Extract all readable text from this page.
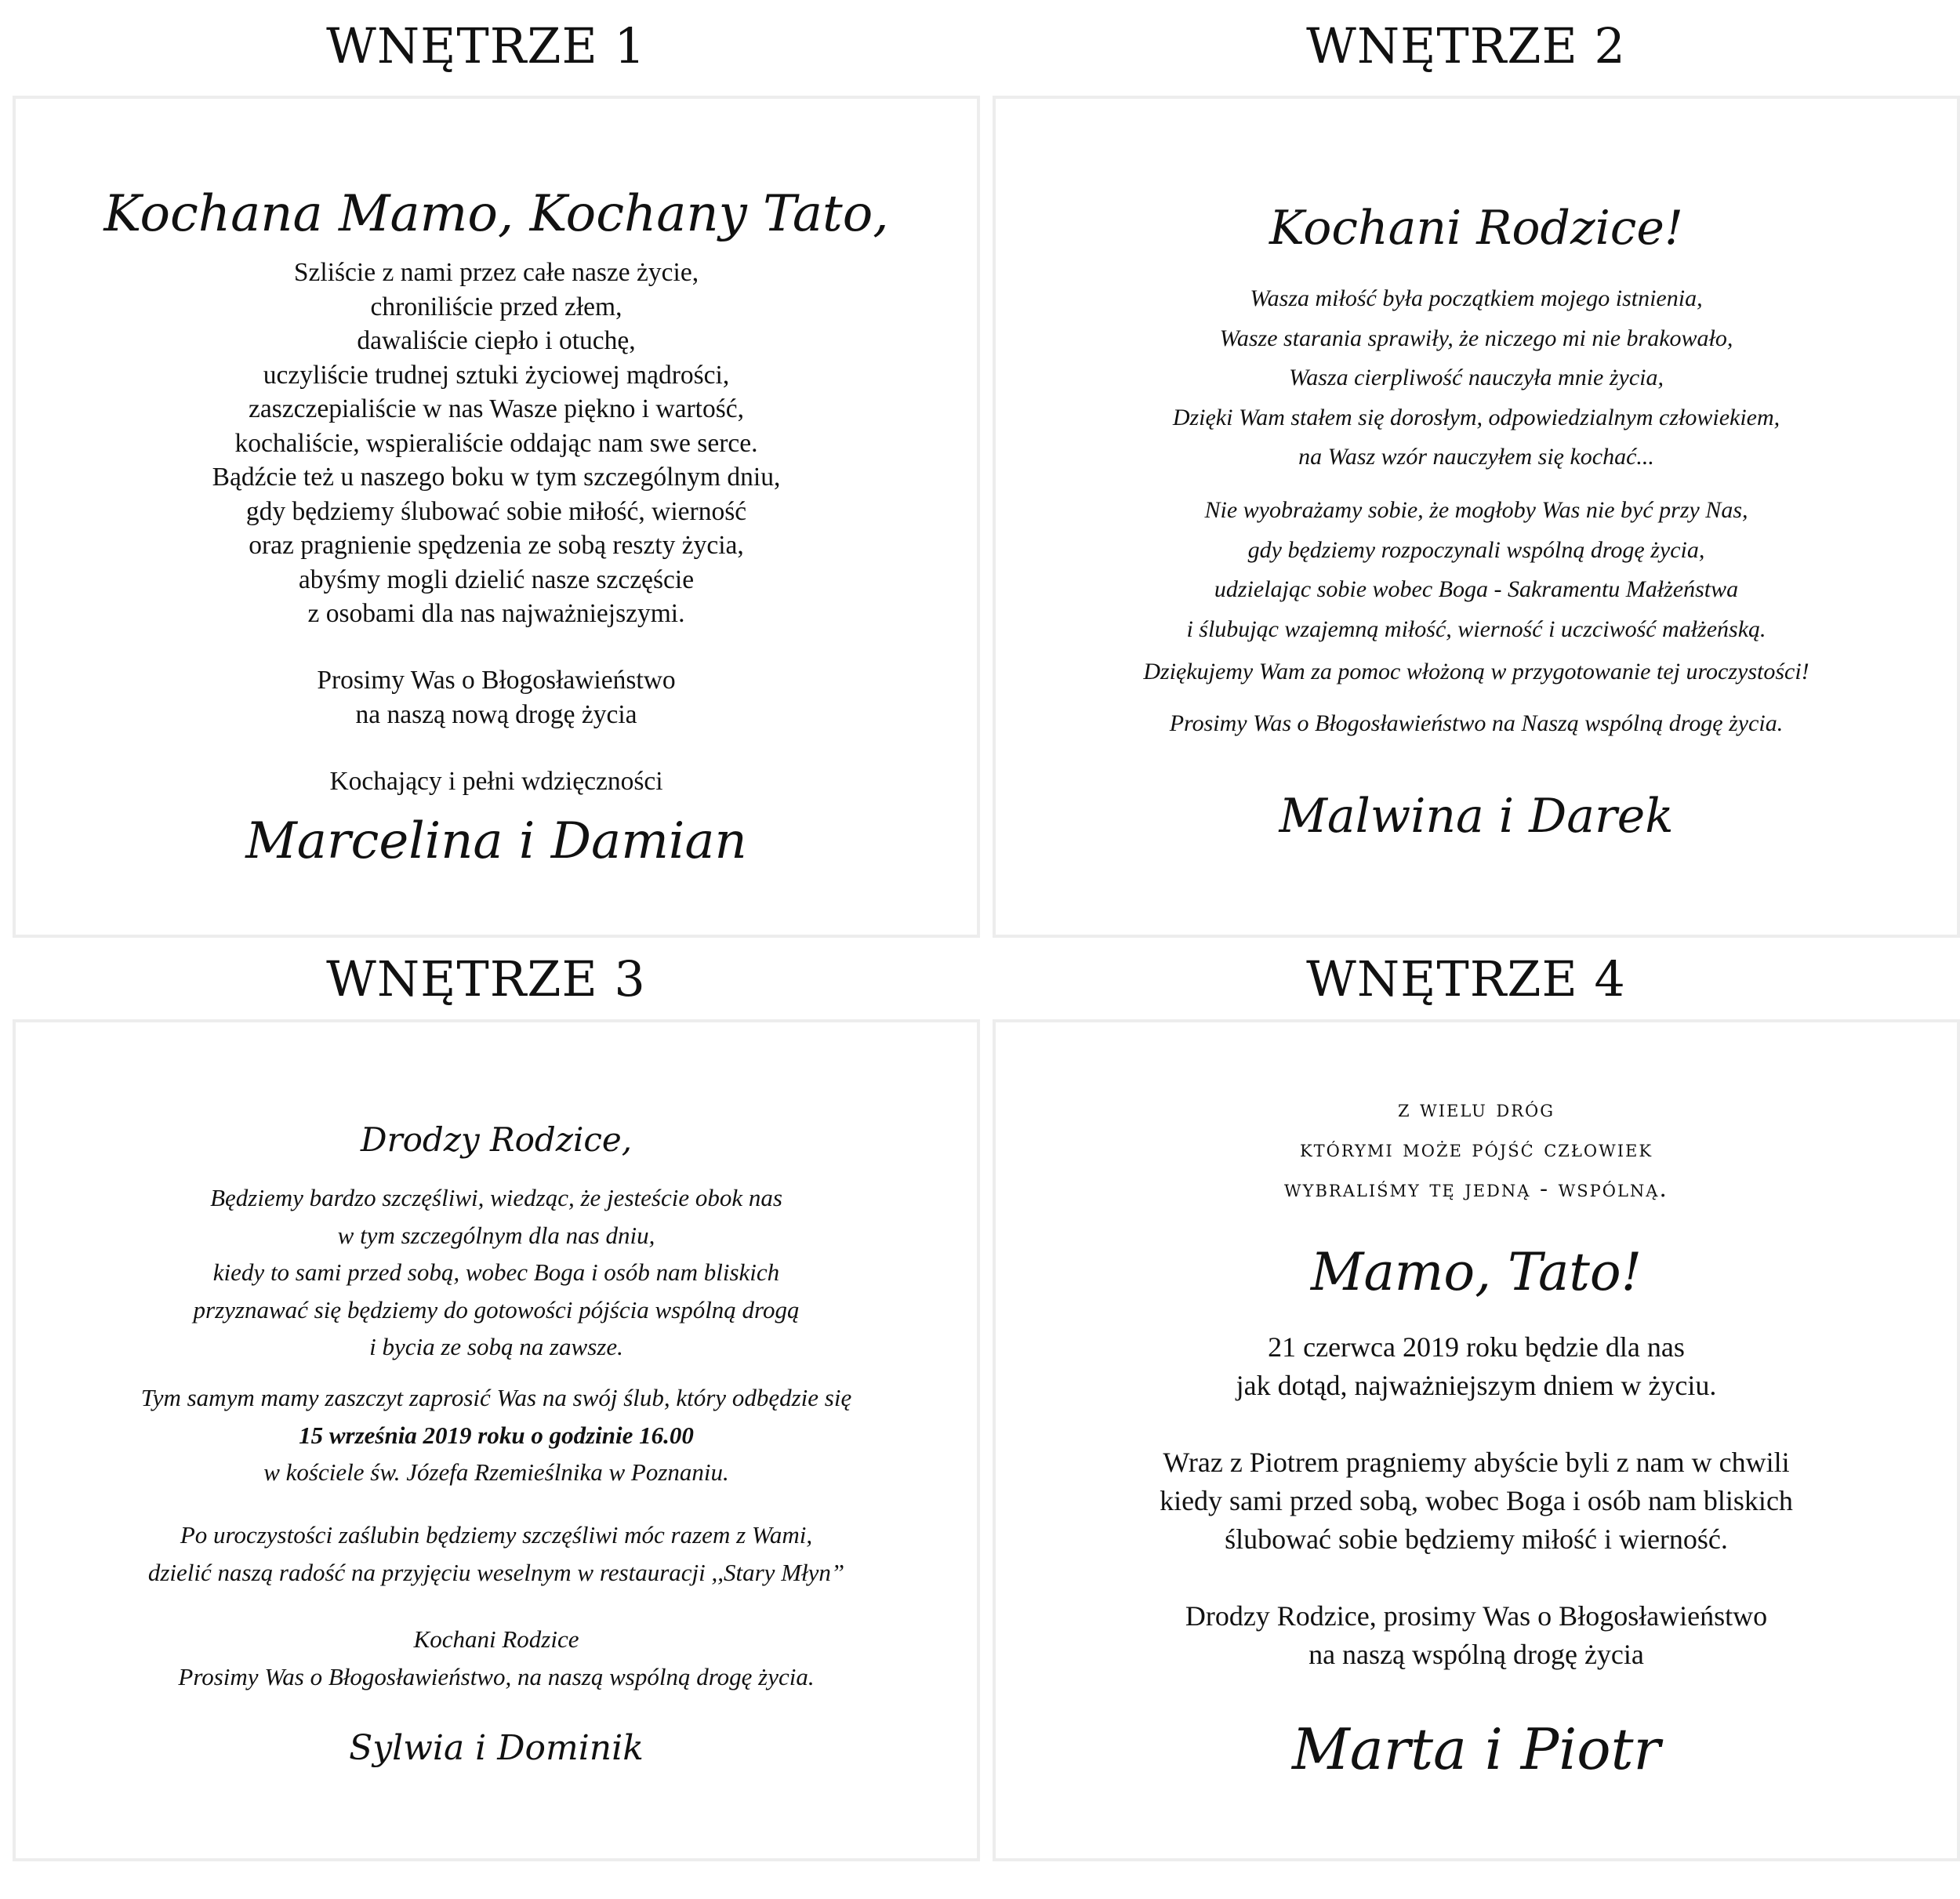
WNĘTRZE 1	WNĘTRZE 2
WNĘTRZE 3	WNĘTRZE 4
Kochana Mamo, Kochany Tato,
Szliście z nami przez całe nasze życie,
chroniliście przed złem,
dawaliście ciepło i otuchę,
uczyliście trudnej sztuki życiowej mądrości,
zaszczepialiście w nas Wasze piękno i wartość,
kochaliście, wspieraliście oddając nam swe serce.
Bądźcie też u naszego boku w tym szczególnym dniu,
gdy będziemy ślubować sobie miłość, wierność
oraz pragnienie spędzenia ze sobą reszty życia,
abyśmy mogli dzielić nasze szczęście
z osobami dla nas najważniejszymi.
Prosimy Was o Błogosławieństwo
na naszą nową drogę życia
Kochający i pełni wdzięczności
Marcelina i Damian
Kochani Rodzice!
Wasza miłość była początkiem mojego istnienia,
Wasze starania sprawiły, że niczego mi nie brakowało,
Wasza cierpliwość nauczyła mnie życia,
Dzięki Wam stałem się dorosłym, odpowiedzialnym człowiekiem,
na Wasz wzór nauczyłem się kochać...
Nie wyobrażamy sobie, że mogłoby Was nie być przy Nas,
gdy będziemy rozpoczynali wspólną drogę życia,
udzielając sobie wobec Boga - Sakramentu Małżeństwa
i ślubując wzajemną miłość, wierność i uczciwość małżeńską.
Dziękujemy Wam za pomoc włożoną w przygotowanie tej uroczystości!
Prosimy Was o Błogosławieństwo na Naszą wspólną drogę życia.
Malwina i Darek
Drodzy Rodzice,
Będziemy bardzo szczęśliwi, wiedząc, że jesteście obok nas
w tym szczególnym dla nas dniu,
kiedy to sami przed sobą, wobec Boga i osób nam bliskich
przyznawać się będziemy do gotowości pójścia wspólną drogą
i bycia ze sobą na zawsze.
Tym samym mamy zaszczyt zaprosić Was na swój ślub, który odbędzie się
15 września 2019 roku o godzinie 16.00
w kościele św. Józefa Rzemieślnika w Poznaniu.
Po uroczystości zaślubin będziemy szczęśliwi móc razem z Wami,
dzielić naszą radość na przyjęciu weselnym w restauracji ,,Stary Młyn”
Kochani Rodzice
Prosimy Was o Błogosławieństwo, na naszą wspólną drogę życia.
Sylwia i Dominik
z wielu dróg
którymi może pójść człowiek
wybraliśmy tę jedną - wspólną.
Mamo, Tato!
21 czerwca 2019 roku będzie dla nas
jak dotąd, najważniejszym dniem w życiu.
Wraz z Piotrem pragniemy abyście byli z nam w chwili
kiedy sami przed sobą, wobec Boga i osób nam bliskich
ślubować sobie będziemy miłość i wierność.
Drodzy Rodzice, prosimy Was o Błogosławieństwo
na naszą wspólną drogę życia
Marta i Piotr
